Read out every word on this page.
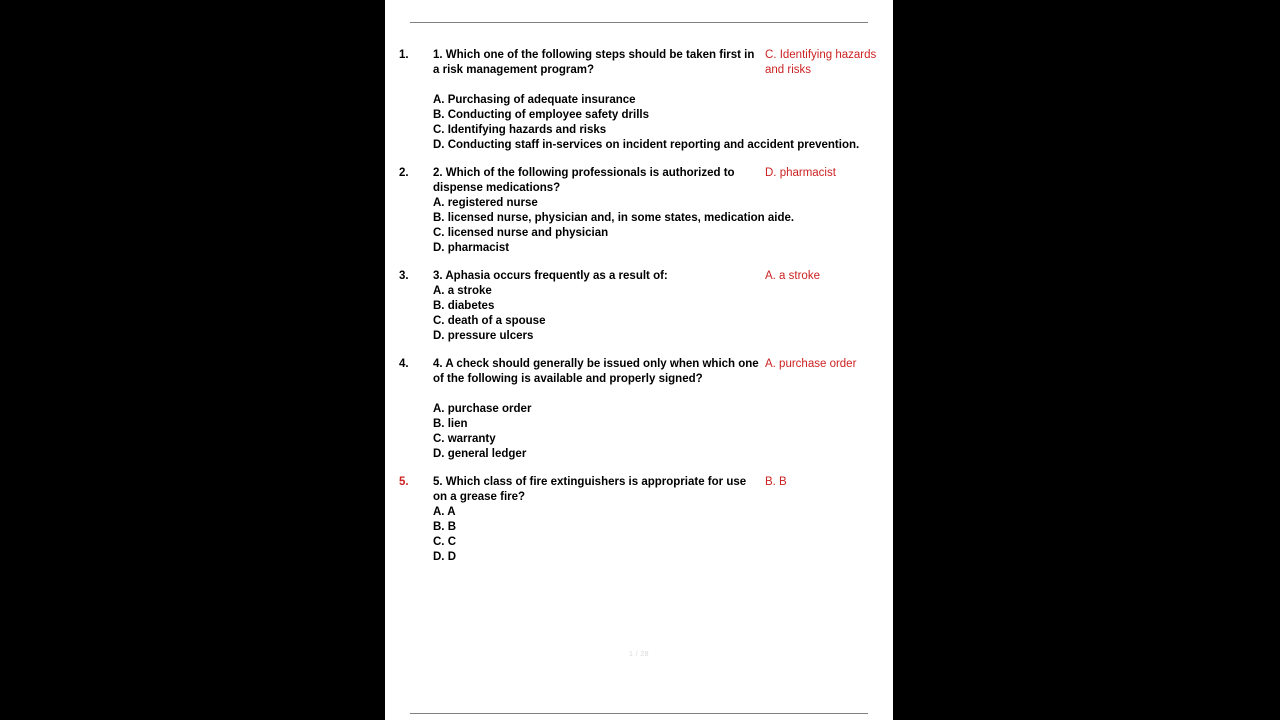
1.	C. Identifying hazards and risks
1. Which one of the following steps should be taken first in a risk management program?
A. Purchasing of adequate insurance
B. Conducting of employee safety drills
C. Identifying hazards and risks
D. Conducting staff in-services on incident reporting and accident prevention.
2.	D. pharmacist
2. Which of the following professionals is authorized to dispense medications?
A. registered nurse
B. licensed nurse, physician and, in some states, medication aide.
C. licensed nurse and physician
D. pharmacist
3.	A. a stroke
3. Aphasia occurs frequently as a result of:
A. a stroke
B. diabetes
C. death of a spouse
D. pressure ulcers
4.	A. purchase order
4. A check should generally be issued only when which one of the following is available and properly signed?
A. purchase order
B. lien
C. warranty
D. general ledger
5.	B. B
5. Which class of fire extinguishers is appropriate for use on a grease fire?
A. A
B. B
C. C
D. D
1 / 28
